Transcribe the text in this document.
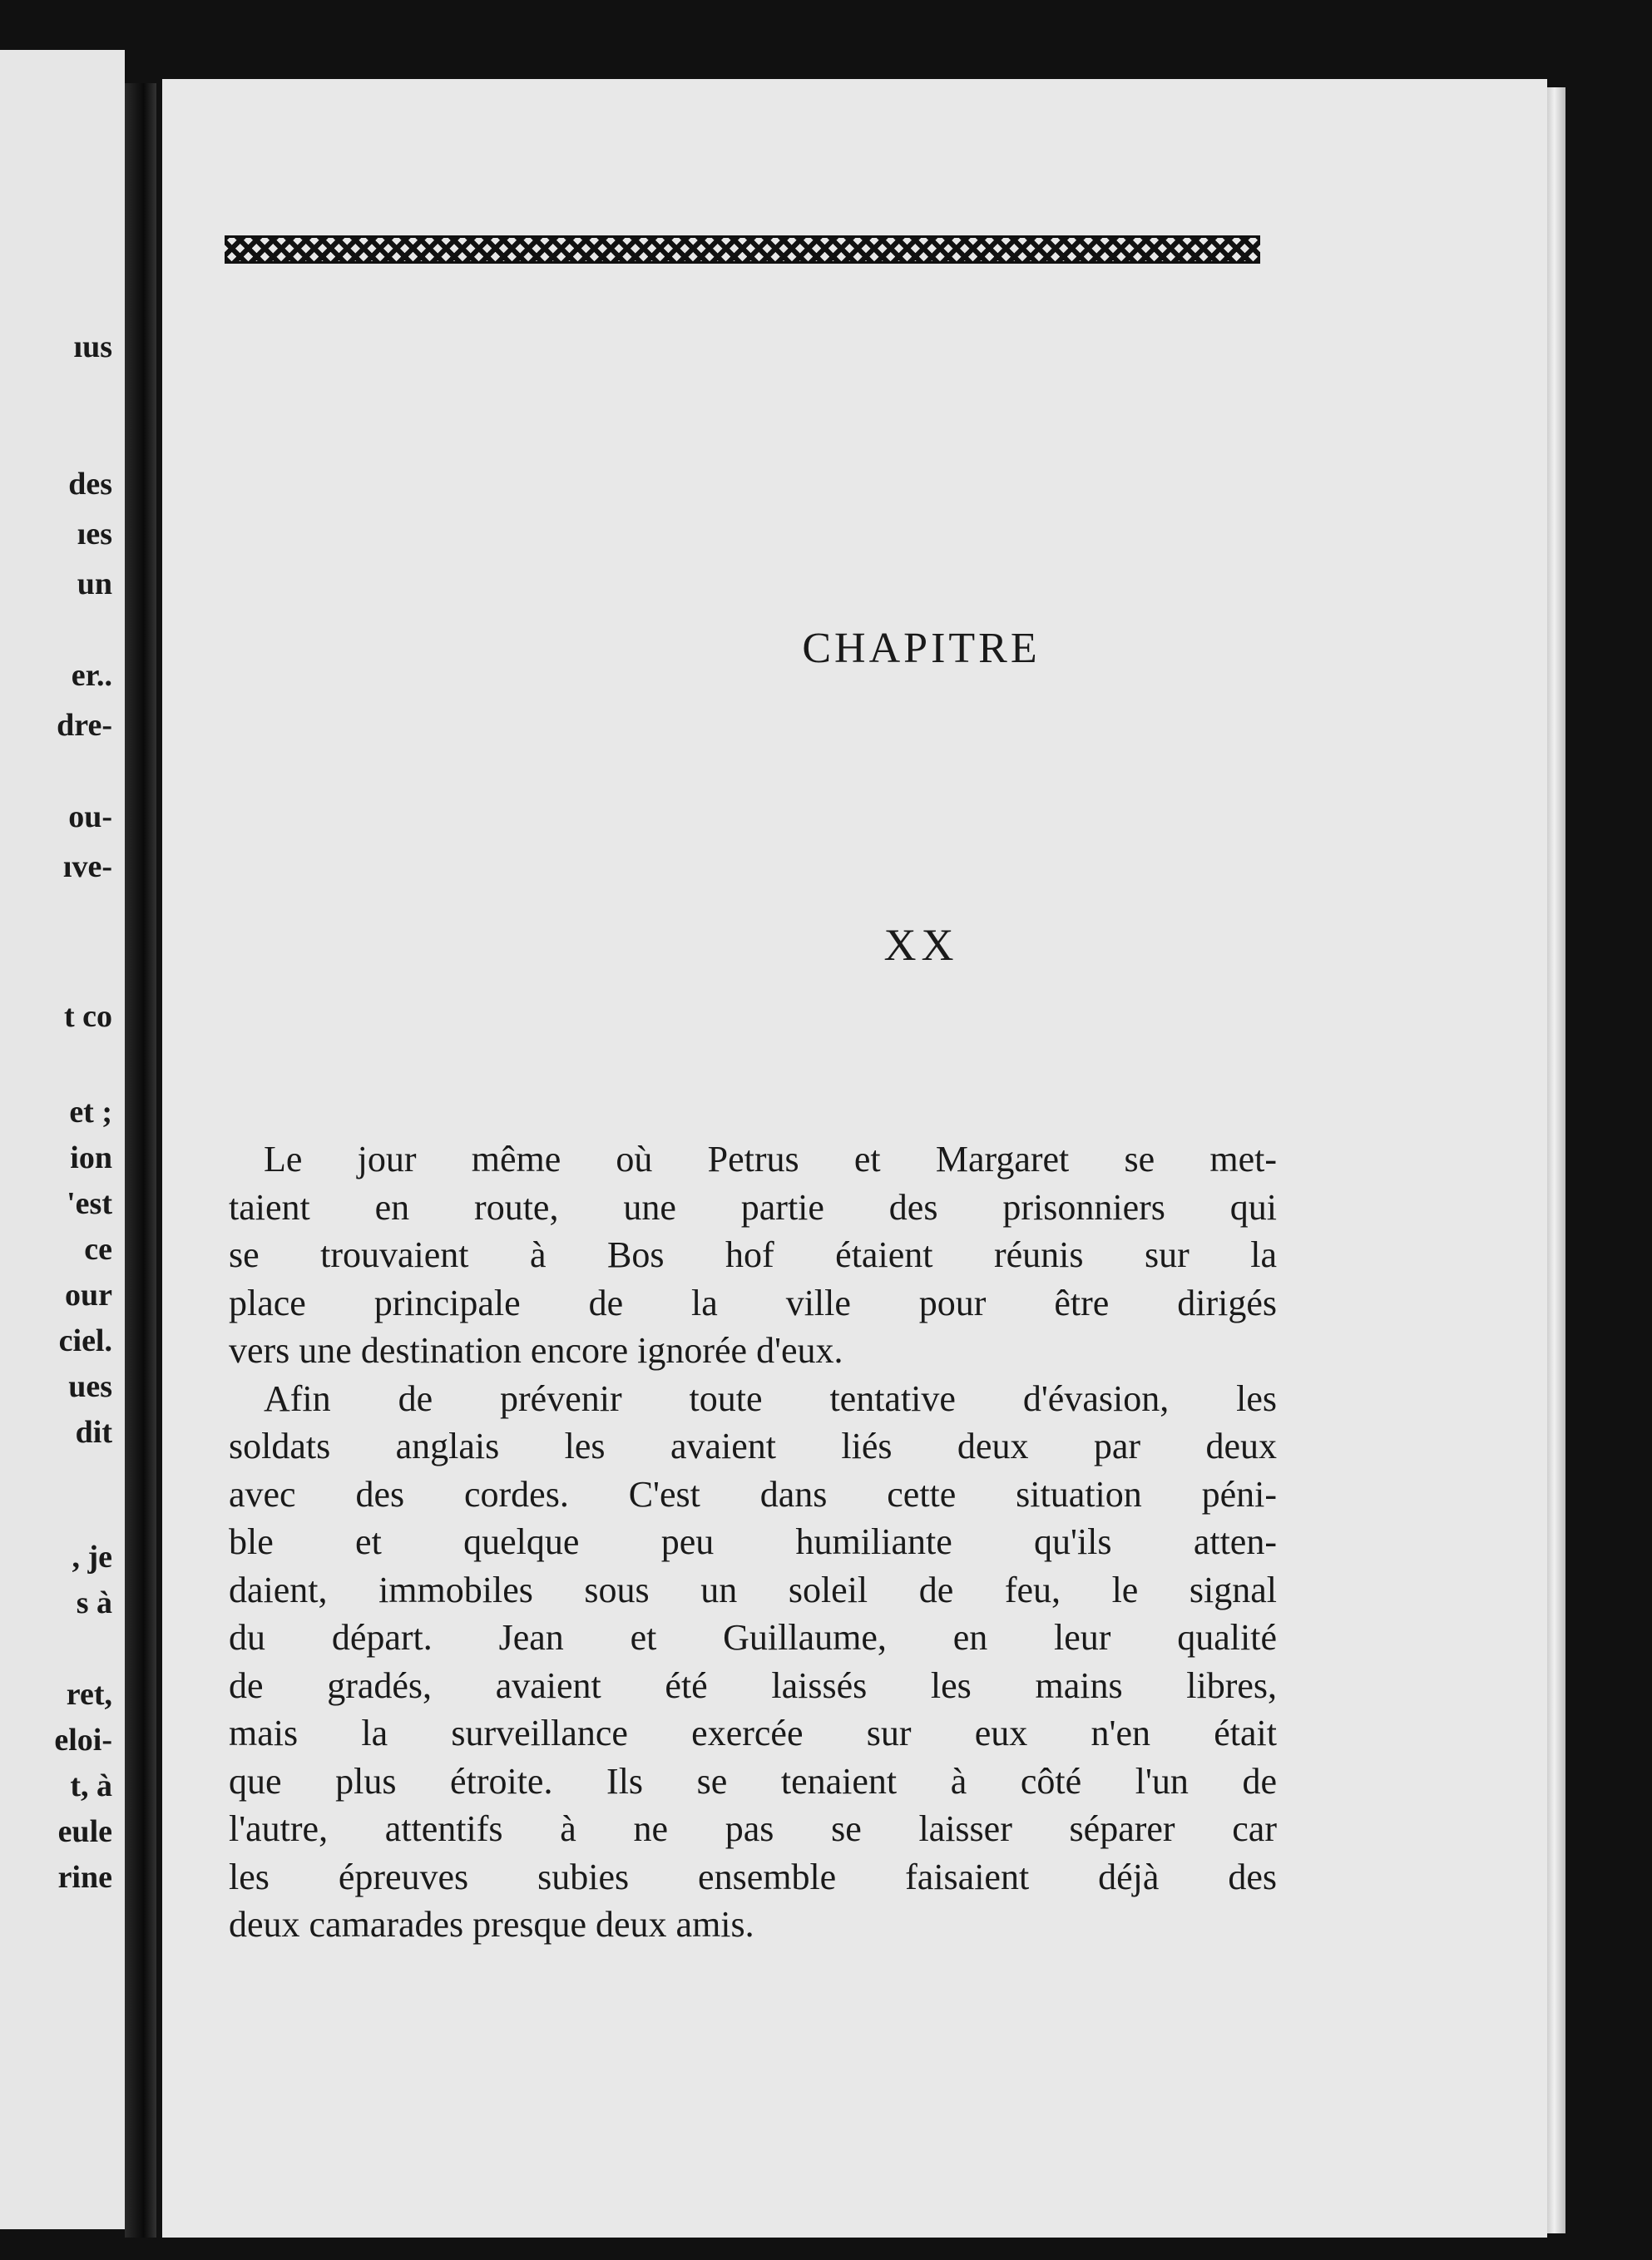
ıus
des
ıes
un
er..
dre-
ou-
ıve-
t co
et ;
ion
'est
ce
our
ciel.
ues
dit
, je
s à
ret,
eloi-
t, à
eule
rine
CHAPITRE
XX
Le jour même où Petrus et Margaret se met-
taient en route, une partie des prisonniers qui
se trouvaient à Bos hof étaient réunis sur la
place principale de la ville pour être dirigés
vers une destination encore ignorée d'eux.
Afin de prévenir toute tentative d'évasion, les
soldats anglais les avaient liés deux par deux
avec des cordes. C'est dans cette situation péni-
ble et quelque peu humiliante qu'ils atten-
daient, immobiles sous un soleil de feu, le signal
du départ. Jean et Guillaume, en leur qualité
de gradés, avaient été laissés les mains libres,
mais la surveillance exercée sur eux n'en était
que plus étroite. Ils se tenaient à côté l'un de
l'autre, attentifs à ne pas se laisser séparer car
les épreuves subies ensemble faisaient déjà des
deux camarades presque deux amis.
